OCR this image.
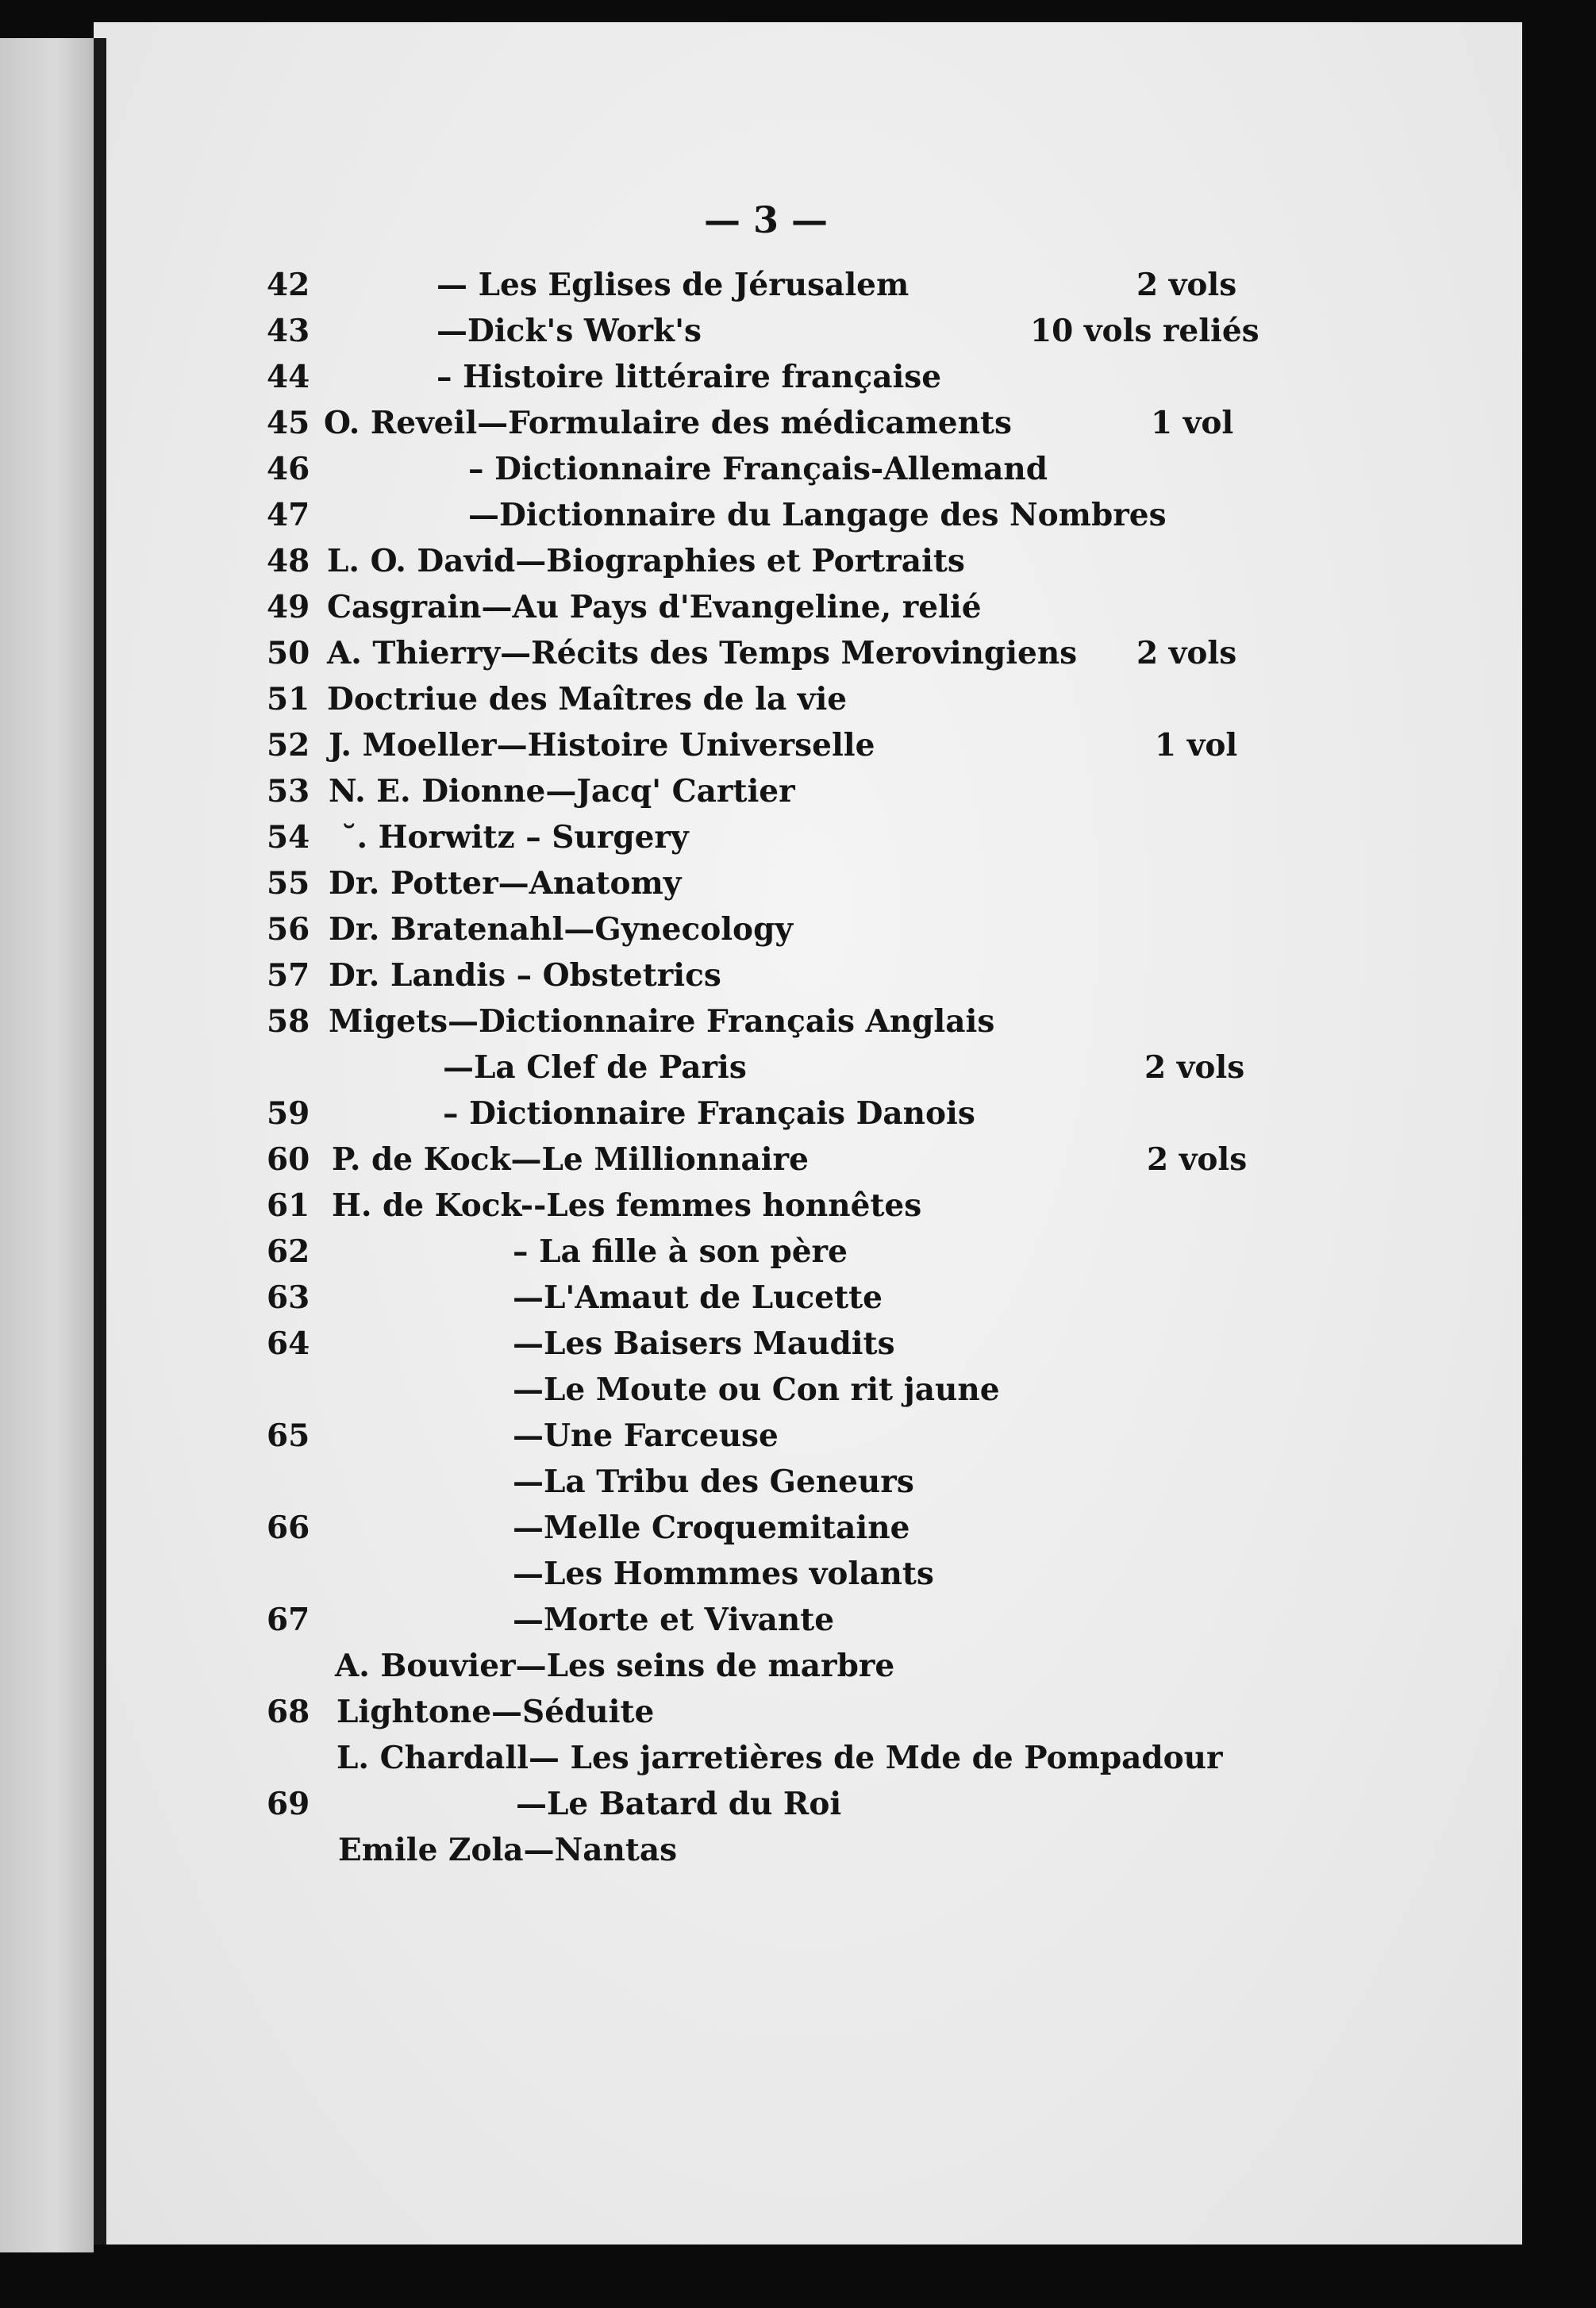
— 3 —
42	— Les Eglises de Jérusalem	2 vols
43	—Dick's Work's	10 vols reliés
44	– Histoire littéraire française
45 O. Reveil—Formulaire des médicaments	1 vol
46	– Dictionnaire Français-Allemand
47	—Dictionnaire du Langage des Nombres
48 L. O. David—Biographies et Portraits
49 Casgrain—Au Pays d'Evangeline, relié
50 A. Thierry—Récits des Temps Merovingiens 2 vols
51 Doctriue des Maîtres de la vie
52 J. Moeller—Histoire Universelle	1 vol
53 N. E. Dionne—Jacq' Cartier
54 ˘. Horwitz – Surgery
55 Dr. Potter—Anatomy
56 Dr. Bratenahl—Gynecology
57 Dr. Landis – Obstetrics
58 Migets—Dictionnaire Français Anglais
—La Clef de Paris	2 vols
59	– Dictionnaire Français Danois
60 P. de Kock—Le Millionnaire	2 vols
61 H. de Kock--Les femmes honnêtes
62	– La fille à son père
63	—L'Amaut de Lucette
64	—Les Baisers Maudits
—Le Moute ou Con rit jaune
65	—Une Farceuse
—La Tribu des Geneurs
66	—Melle Croquemitaine
—Les Hommmes volants
67	—Morte et Vivante
A. Bouvier—Les seins de marbre
68 Lightone—Séduite
L. Chardall— Les jarretières de Mde de Pompadour
69	—Le Batard du Roi
Emile Zola—Nantas
